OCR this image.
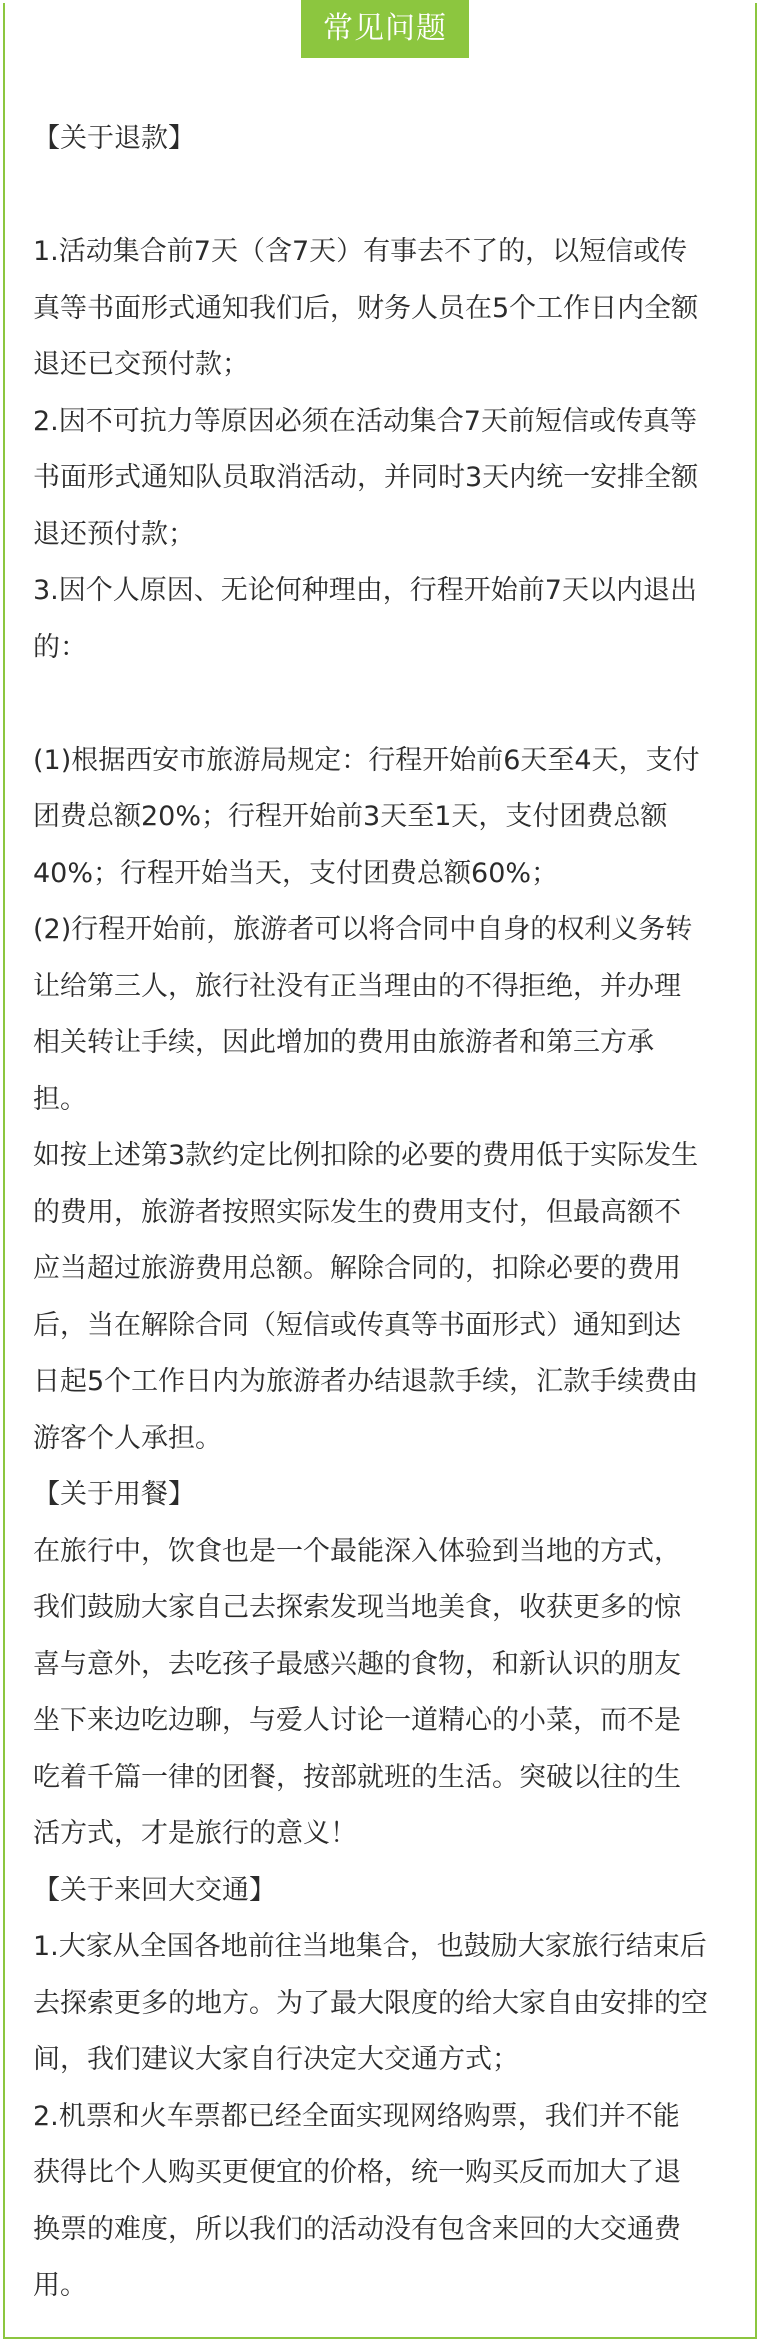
常见问题
【关于退款】
1.活动集合前7天（含7天）有事去不了的，以短信或传
真等书面形式通知我们后，财务人员在5个工作日内全额
退还已交预付款；
2.因不可抗力等原因必须在活动集合7天前短信或传真等
书面形式通知队员取消活动，并同时3天内统一安排全额
退还预付款；
3.因个人原因、无论何种理由，行程开始前7天以内退出
的：
(1)根据西安市旅游局规定：行程开始前6天至4天，支付
团费总额20%；行程开始前3天至1天，支付团费总额
40%；行程开始当天，支付团费总额60%；
(2)行程开始前，旅游者可以将合同中自身的权利义务转
让给第三人，旅行社没有正当理由的不得拒绝，并办理
相关转让手续，因此增加的费用由旅游者和第三方承
担。
如按上述第3款约定比例扣除的必要的费用低于实际发生
的费用，旅游者按照实际发生的费用支付，但最高额不
应当超过旅游费用总额。解除合同的，扣除必要的费用
后，当在解除合同（短信或传真等书面形式）通知到达
日起5个工作日内为旅游者办结退款手续，汇款手续费由
游客个人承担。
【关于用餐】
在旅行中，饮食也是一个最能深入体验到当地的方式，
我们鼓励大家自己去探索发现当地美食，收获更多的惊
喜与意外，去吃孩子最感兴趣的食物，和新认识的朋友
坐下来边吃边聊，与爱人讨论一道精心的小菜，而不是
吃着千篇一律的团餐，按部就班的生活。突破以往的生
活方式，才是旅行的意义！
【关于来回大交通】
1.大家从全国各地前往当地集合，也鼓励大家旅行结束后
去探索更多的地方。为了最大限度的给大家自由安排的空
间，我们建议大家自行决定大交通方式；
2.机票和火车票都已经全面实现网络购票，我们并不能
获得比个人购买更便宜的价格，统一购买反而加大了退
换票的难度，所以我们的活动没有包含来回的大交通费
用。
